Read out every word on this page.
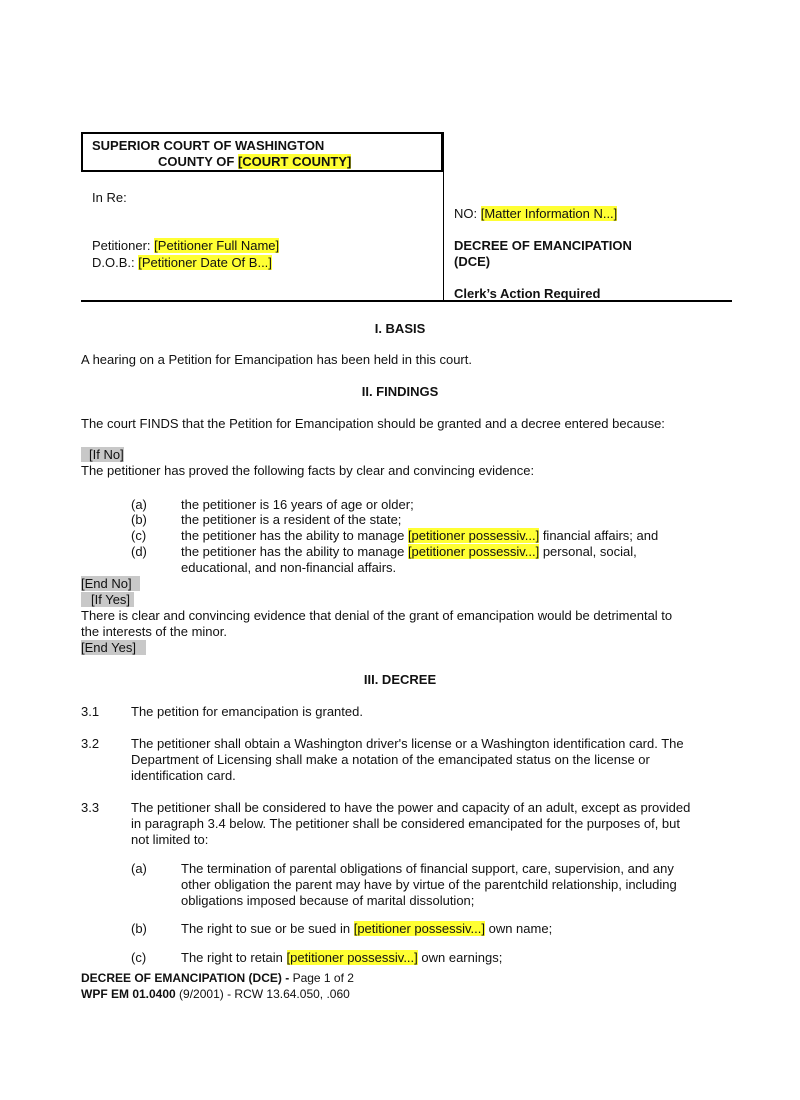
SUPERIOR COURT OF WASHINGTON
COUNTY OF [COURT COUNTY]
In Re:
Petitioner: [Petitioner Full Name]
D.O.B.: [Petitioner Date Of B...]
NO: [Matter Information N...]
DECREE OF EMANCIPATION
(DCE)
Clerk’s Action Required
I. BASIS
A hearing on a Petition for Emancipation has been held in this court.
II. FINDINGS
The court FINDS that the Petition for Emancipation should be granted and a decree entered because:
[If No]
The petitioner has proved the following facts by clear and convincing evidence:
(a)	the petitioner is 16 years of age or older;
(b)	the petitioner is a resident of the state;
(c)	the petitioner has the ability to manage [petitioner possessiv...] financial affairs; and
(d)	the petitioner has the ability to manage [petitioner possessiv...] personal, social,
educational, and non-financial affairs.
[End No]
[If Yes]
There is clear and convincing evidence that denial of the grant of emancipation would be detrimental to
the interests of the minor.
[End Yes]
III. DECREE
3.1 The petition for emancipation is granted.
3.2 The petitioner shall obtain a Washington driver's license or a Washington identification card. The
Department of Licensing shall make a notation of the emancipated status on the license or
identification card.
3.3 The petitioner shall be considered to have the power and capacity of an adult, except as provided
in paragraph 3.4 below. The petitioner shall be considered emancipated for the purposes of, but
not limited to:
(a)	The termination of parental obligations of financial support, care, supervision, and any
other obligation the parent may have by virtue of the parentchild relationship, including
obligations imposed because of marital dissolution;
(b)	The right to sue or be sued in [petitioner possessiv...] own name;
(c)	The right to retain [petitioner possessiv...] own earnings;
DECREE OF EMANCIPATION (DCE) - Page 1 of 2
WPF EM 01.0400 (9/2001) - RCW 13.64.050, .060
